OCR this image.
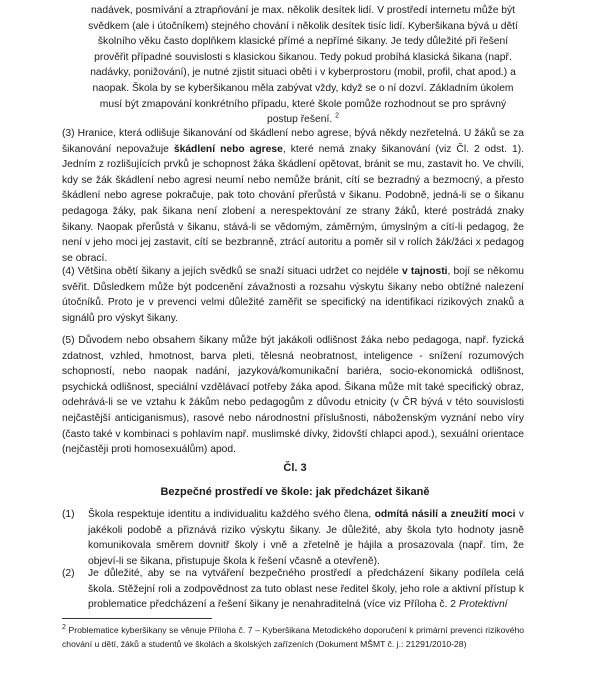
nadávek, posmívání a ztrapňování je max. několik desítek lidí. V prostředí internetu může být svědkem (ale i útočníkem) stejného chování i několik desítek tisíc lidí. Kyberšikana bývá u dětí školního věku často doplňkem klasické přímé a nepřímé šikany. Je tedy důležité při řešení prověřit případné souvislosti s klasickou šikanou. Tedy pokud probíhá klasická šikana (např. nadávky, ponižování), je nutné zjistit situaci oběti i v kyberprostoru (mobil, profil, chat apod.) a naopak. Škola by se kyberšikanou měla zabývat vždy, když se o ní dozví. Základním úkolem musí být zmapování konkrétního případu, které škole pomůže rozhodnout se pro správný postup řešení. $^2$

(3) Hranice, která odlišuje šikanování od škádlení nebo agrese, bývá někdy nezřetelná. U žáků se za šikanování nepovažuje škádlení nebo agrese, které nemá znaky šikanování (viz Čl. 2 odst. 1). Jedním z rozlišujících prvků je schopnost žáka škádlení opětovat, bránit se mu, zastavit ho. Ve chvíli, kdy se žák škádlení nebo agresi neumí nebo nemůže bránit, cítí se bezradný a bezmocný, a přesto škádlení nebo agrese pokračuje, pak toto chování přerůstá v šikanu. Podobně, jedná-li se o šikanu pedagoga žáky, pak šikana není zlobení a nerespektování ze strany žáků, které postrádá znaky šikany. Naopak přerůstá v šikanu, stává-li se vědomým, záměrným, úmyslným a cítí-li pedagog, že není v jeho moci jej zastavit, cítí se bezbranně, ztrácí autoritu a poměr sil v rolích žák/žáci x pedagog se obrací.

(4) Většina obětí šikany a jejích svědků se snaží situaci udržet co nejdéle v tajnosti, bojí se někomu svěřit. Důsledkem může být podcenění závažnosti a rozsahu výskytu šikany nebo obtížné nalezení útočníků. Proto je v prevenci velmi důležité zaměřit se specifický na identifikaci rizikových znaků a signálů pro výskyt šikany.

(5) Důvodem nebo obsahem šikany může být jakákoli odlišnost žáka nebo pedagoga, např. fyzická zdatnost, vzhled, hmotnost, barva pleti, tělesná neobratnost, inteligence - snížení rozumových schopností, nebo naopak nadání, jazyková/komunikační bariéra, socio-ekonomická odlišnost, psychická odlišnost, speciální vzdělávací potřeby žáka apod. Šikana může mít také specifický obraz, odehrává-li se ve vztahu k žákům nebo pedagogům z důvodu etnicity (v ČR bývá v této souvislosti nejčastější anticiganismus), rasové nebo národnostní příslušnosti, náboženským vyznání nebo víry (často také v kombinaci s pohlavím např. muslimské dívky, židovští chlapci apod.), sexuální orientace (nejčastěji proti homosexuálům) apod.

Čl. 3
Bezpečné prostředí ve škole: jak předcházet šikaně
(1) Škola respektuje identitu a individualitu každého svého člena, odmítá násilí a zneužití moci v jakékoli podobě a přiznává riziko výskytu šikany. Je důležité, aby škola tyto hodnoty jasně komunikovala směrem dovnitř školy i vně a zřetelně je hájila a prosazovala (např. tím, že objeví-li se šikana, přistupuje škola k řešení včasně a otevřeně).
(2) Je důležité, aby se na vytváření bezpečného prostředí a předcházení šikany podílela celá škola. Stěžejní roli a zodpovědnost za tuto oblast nese ředitel školy, jeho role a aktivní přístup k problematice předcházení a řešení šikany je nenahraditelná (více viz Příloha č. 2 Protektivní

$^2$ Problematice kyberšikany se věnuje Příloha č. 7 – Kyberšikana Metodického doporučení k primární prevenci rizikového chování u dětí, žáků a studentů ve školách a školských zařízeních (Dokument MŠMT č. j.: 21291/2010-28)
